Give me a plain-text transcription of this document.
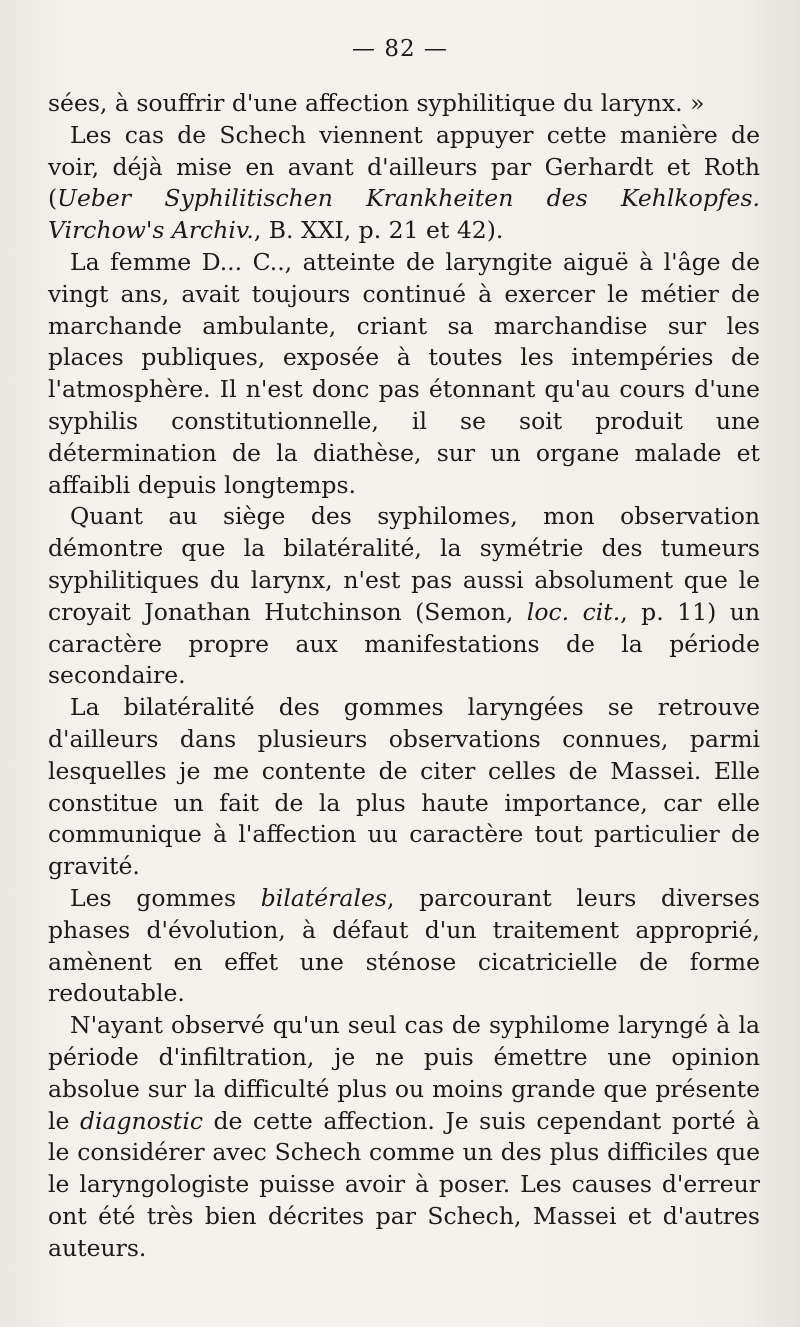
— 82 —

sées, à souffrir d'une affection syphilitique du larynx. »

Les cas de Schech viennent appuyer cette manière de voir, déjà mise en avant d'ailleurs par Gerhardt et Roth (Ueber Syphilitischen Krankheiten des Kehlkopfes. Virchow's Archiv., B. XXI, p. 21 et 42).

La femme D... C.., atteinte de laryngite aiguë à l'âge de vingt ans, avait toujours continué à exercer le métier de marchande ambulante, criant sa marchandise sur les places publiques, exposée à toutes les intempéries de l'atmosphère. Il n'est donc pas étonnant qu'au cours d'une syphilis constitutionnelle, il se soit produit une détermination de la diathèse, sur un organe malade et affaibli depuis longtemps.

Quant au siège des syphilomes, mon observation démontre que la bilatéralité, la symétrie des tumeurs syphilitiques du larynx, n'est pas aussi absolument que le croyait Jonathan Hutchinson (Semon, loc. cit., p. 11) un caractère propre aux manifestations de la période secondaire.

La bilatéralité des gommes laryngées se retrouve d'ailleurs dans plusieurs observations connues, parmi lesquelles je me contente de citer celles de Massei. Elle constitue un fait de la plus haute importance, car elle communique à l'affection uu caractère tout particulier de gravité.

Les gommes bilatérales, parcourant leurs diverses phases d'évolution, à défaut d'un traitement approprié, amènent en effet une sténose cicatricielle de forme redoutable.

N'ayant observé qu'un seul cas de syphilome laryngé à la période d'infiltration, je ne puis émettre une opinion absolue sur la difficulté plus ou moins grande que présente le diagnostic de cette affection. Je suis cependant porté à le considérer avec Schech comme un des plus difficiles que le laryngologiste puisse avoir à poser. Les causes d'erreur ont été très bien décrites par Schech, Massei et d'autres auteurs.
